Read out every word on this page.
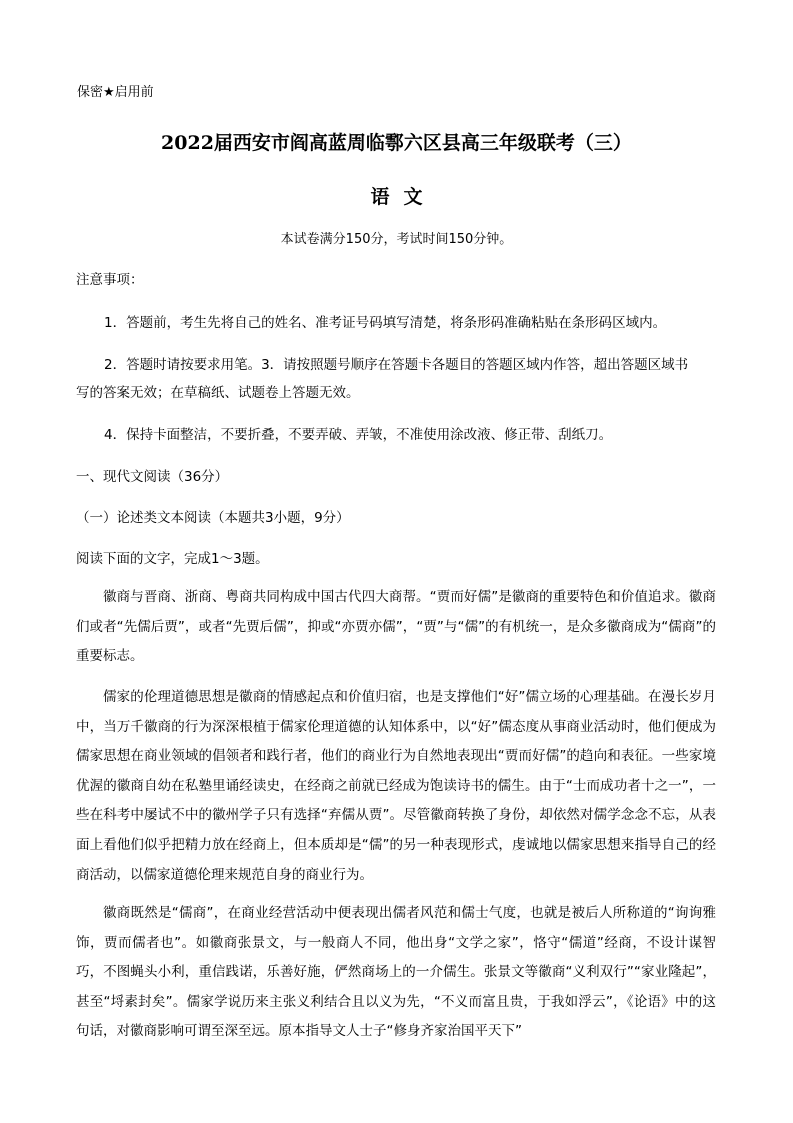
保密★启用前
2022届西安市阎高蓝周临鄠六区县高三年级联考（三）
语文
本试卷满分150分，考试时间150分钟。
注意事项：
1．答题前，考生先将自己的姓名、准考证号码填写清楚，将条形码准确粘贴在条形码区域内。
2．答题时请按要求用笔。3．请按照题号顺序在答题卡各题目的答题区域内作答，超出答题区域书
写的答案无效；在草稿纸、试题卷上答题无效。
4．保持卡面整洁，不要折叠，不要弄破、弄皱，不准使用涂改液、修正带、刮纸刀。
一、现代文阅读（36分）
（一）论述类文本阅读（本题共3小题，9分）
阅读下面的文字，完成1～3题。
徽商与晋商、浙商、粤商共同构成中国古代四大商帮。“贾而好儒”是徽商的重要特色和价值追求。徽商们或者“先儒后贾”，或者“先贾后儒”，抑或“亦贾亦儒”，“贾”与“儒”的有机统一，是众多徽商成为“儒商”的重要标志。
儒家的伦理道德思想是徽商的情感起点和价值归宿，也是支撑他们“好”儒立场的心理基础。在漫长岁月中，当万千徽商的行为深深根植于儒家伦理道德的认知体系中，以“好”儒态度从事商业活动时，他们便成为儒家思想在商业领域的倡领者和践行者，他们的商业行为自然地表现出“贾而好儒”的趋向和表征。一些家境优渥的徽商自幼在私塾里诵经读史，在经商之前就已经成为饱读诗书的儒生。由于“士而成功者十之一”，一些在科考中屡试不中的徽州学子只有选择“弃儒从贾”。尽管徽商转换了身份，却依然对儒学念念不忘，从表面上看他们似乎把精力放在经商上，但本质却是“儒”的另一种表现形式，虔诚地以儒家思想来指导自己的经商活动，以儒家道德伦理来规范自身的商业行为。
徽商既然是“儒商”，在商业经营活动中便表现出儒者风范和儒士气度，也就是被后人所称道的“询询雅饰，贾而儒者也”。如徽商张景文，与一般商人不同，他出身“文学之家”，恪守“儒道”经商，不设计谋智巧，不图蝇头小利，重信践诺，乐善好施，俨然商场上的一介儒生。张景文等徽商“义利双行”“家业隆起”，甚至“埒素封矣”。儒家学说历来主张义利结合且以义为先，“不义而富且贵，于我如浮云”，《论语》中的这句话，对徽商影响可谓至深至远。原本指导文人士子“修身齐家治国平天下”
